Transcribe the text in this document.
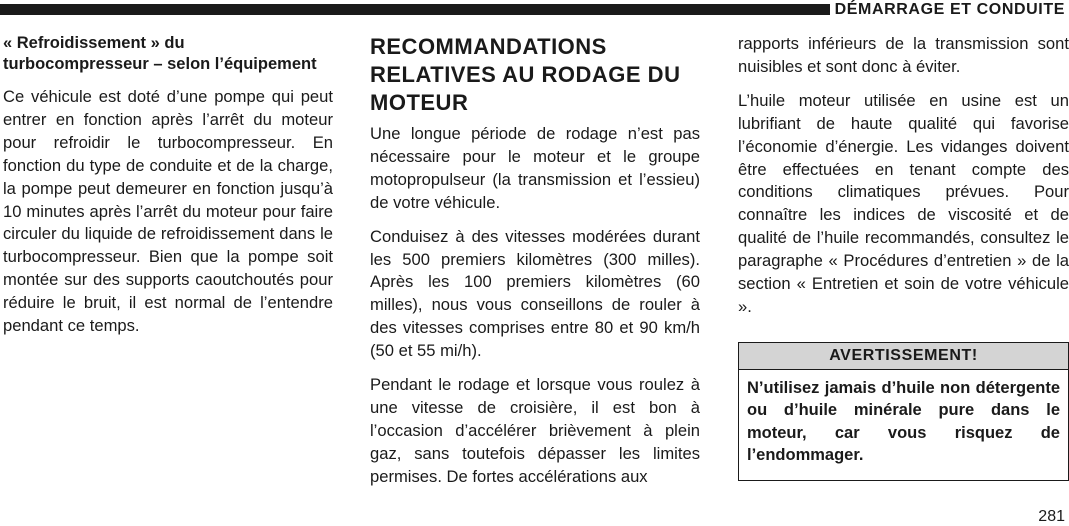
DÉMARRAGE ET CONDUITE
« Refroidissement » du turbocompresseur – selon l’équipement

Ce véhicule est doté d’une pompe qui peut entrer en fonction après l’arrêt du moteur pour refroidir le turbocompresseur. En fonction du type de conduite et de la charge, la pompe peut demeurer en fonction jusqu’à 10 minutes après l’arrêt du moteur pour faire circuler du liquide de refroidissement dans le turbocompresseur. Bien que la pompe soit montée sur des supports caoutchoutés pour réduire le bruit, il est normal de l’entendre pendant ce temps.

RECOMMANDATIONS RELATIVES AU RODAGE DU MOTEUR

Une longue période de rodage n’est pas nécessaire pour le moteur et le groupe motopropulseur (la transmission et l’essieu) de votre véhicule.

Conduisez à des vitesses modérées durant les 500 premiers kilomètres (300 milles). Après les 100 premiers kilomètres (60 milles), nous vous conseillons de rouler à des vitesses comprises entre 80 et 90 km/h (50 et 55 mi/h).

Pendant le rodage et lorsque vous roulez à une vitesse de croisière, il est bon à l’occasion d’accélérer brièvement à plein gaz, sans toutefois dépasser les limites permises. De fortes accélérations aux

rapports inférieurs de la transmission sont nuisibles et sont donc à éviter.

L’huile moteur utilisée en usine est un lubrifiant de haute qualité qui favorise l’économie d’énergie. Les vidanges doivent être effectuées en tenant compte des conditions climatiques prévues. Pour connaître les indices de viscosité et de qualité de l’huile recommandés, consultez le paragraphe « Procédures d’entretien » de la section « Entretien et soin de votre véhicule ».

AVERTISSEMENT!
N’utilisez jamais d’huile non détergente ou d’huile minérale pure dans le moteur, car vous risquez de l’endommager.
281
